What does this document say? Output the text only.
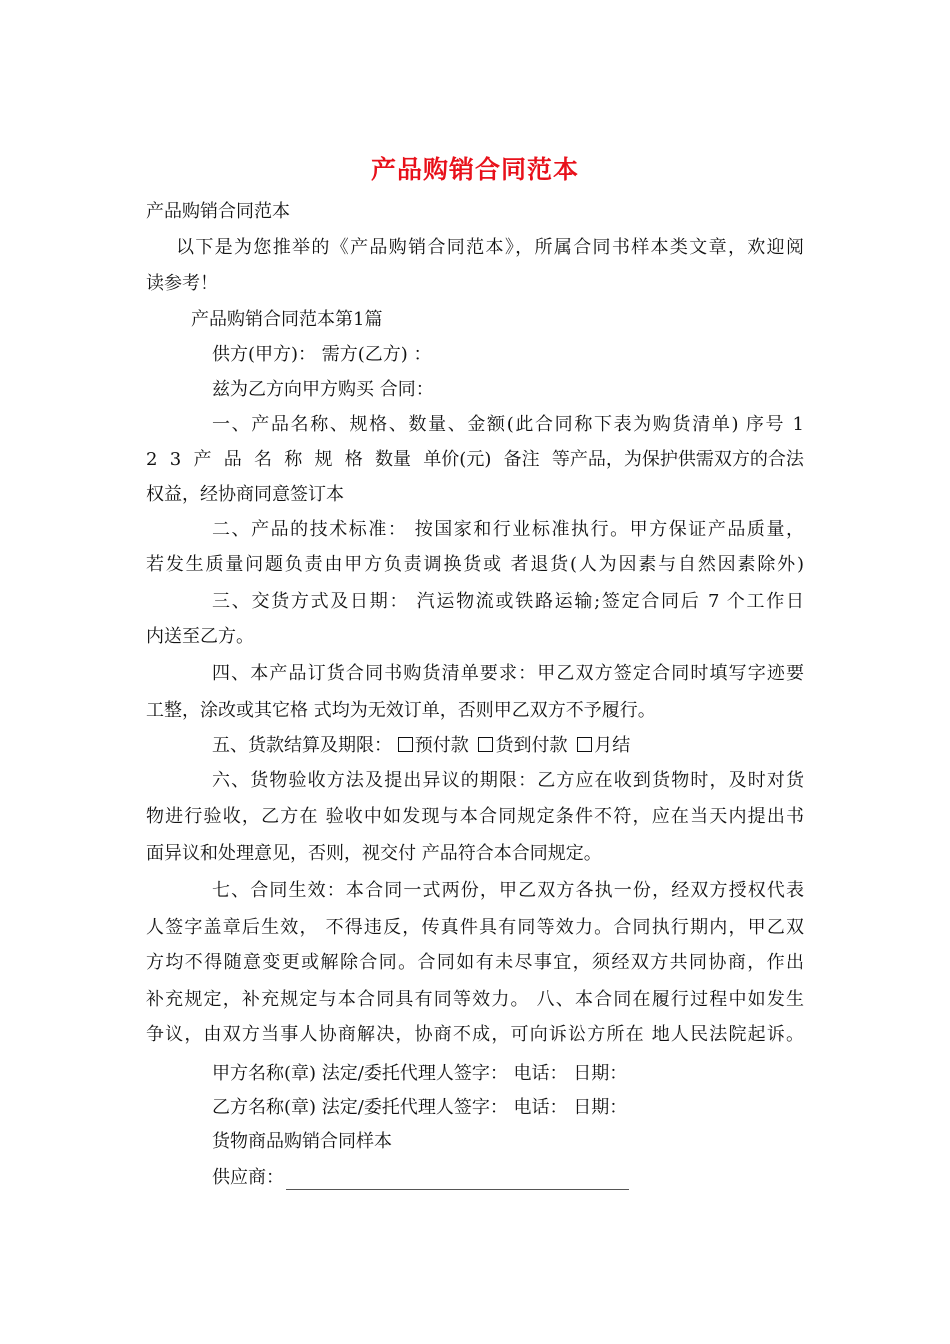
产品购销合同范本
产品购销合同范本
以下是为您推举的《产品购销合同范本》，所属合同书样本类文章，欢迎阅
读参考！
产品购销合同范本第1篇
供方(甲方)： 需方(乙方) ：
兹为乙方向甲方购买 合同：
一、产品名称、规格、数量、金额(此合同称下表为购货清单) 序号 1
2 3 产 品 名 称 规 格 数量 单价(元) 备注 等产品，为保护供需双方的合法
权益，经协商同意签订本
二、产品的技术标准： 按国家和行业标准执行。甲方保证产品质量，
若发生质量问题负责由甲方负责调换货或 者退货(人为因素与自然因素除外)
三、交货方式及日期： 汽运物流或铁路运输;签定合同后 7 个工作日
内送至乙方。
四、本产品订货合同书购货清单要求：甲乙双方签定合同时填写字迹要
工整，涂改或其它格 式均为无效订单，否则甲乙双方不予履行。
五、货款结算及期限： 预付款 货到付款 月结
六、货物验收方法及提出异议的期限：乙方应在收到货物时，及时对货
物进行验收，乙方在 验收中如发现与本合同规定条件不符，应在当天内提出书
面异议和处理意见，否则，视交付 产品符合本合同规定。
七、合同生效：本合同一式两份，甲乙双方各执一份，经双方授权代表
人签字盖章后生效， 不得违反，传真件具有同等效力。合同执行期内，甲乙双
方均不得随意变更或解除合同。合同如有未尽事宜，须经双方共同协商，作出
补充规定，补充规定与本合同具有同等效力。 八、本合同在履行过程中如发生
争议，由双方当事人协商解决，协商不成，可向诉讼方所在 地人民法院起诉。
甲方名称(章) 法定/委托代理人签字： 电话： 日期：
乙方名称(章) 法定/委托代理人签字： 电话： 日期：
货物商品购销合同样本
供应商：
